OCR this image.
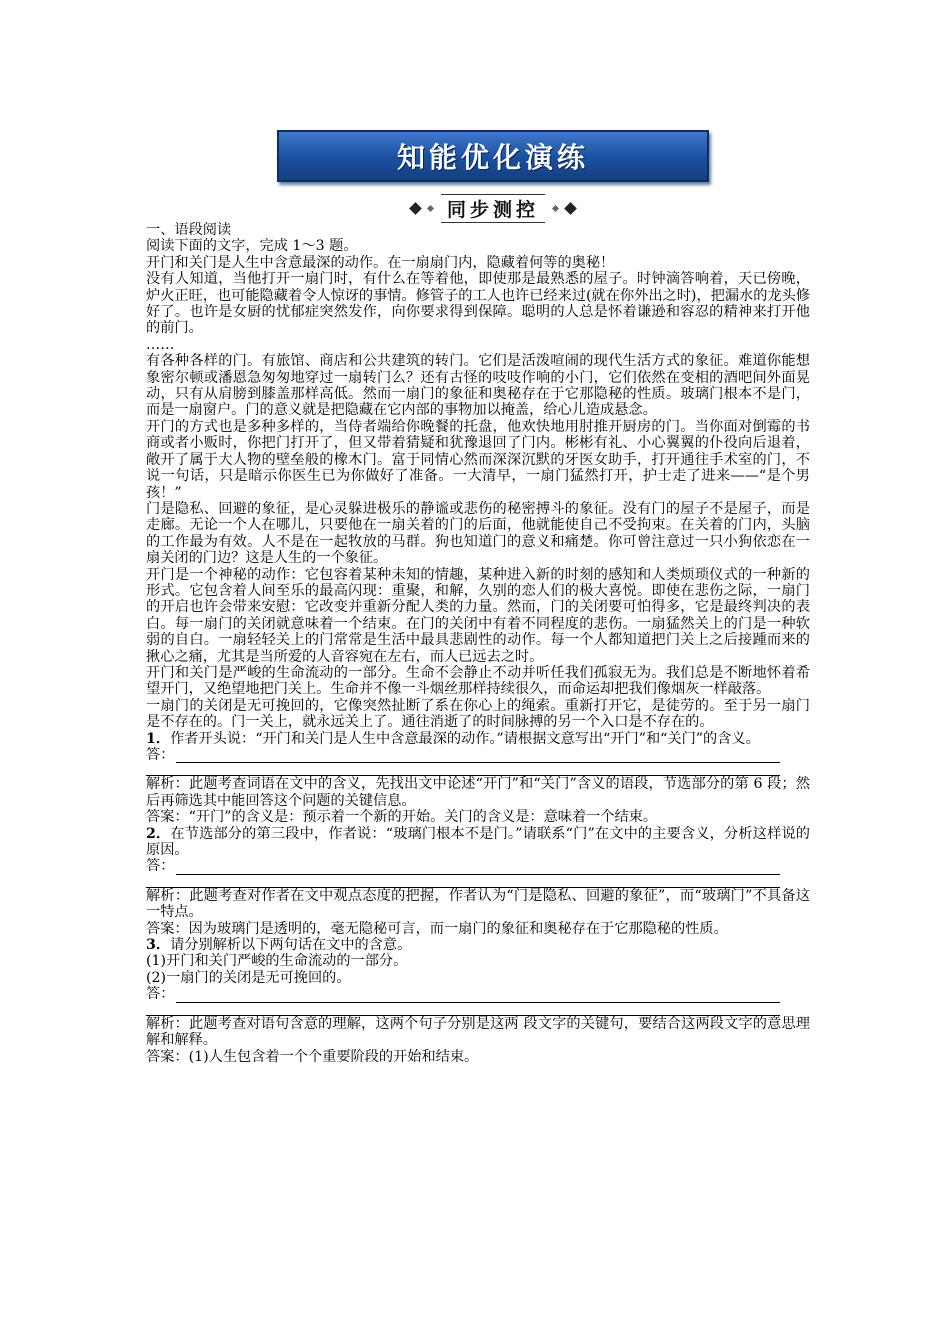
知能优化演练
同步测控

一、语段阅读

阅读下面的文字，完成 1～3 题。

开门和关门是人生中含意最深的动作。在一扇扇门内，隐藏着何等的奥秘！

没有人知道，当他打开一扇门时，有什么在等着他，即使那是最熟悉的屋子。时钟滴答响着，天已傍晚，炉火正旺，也可能隐藏着令人惊讶的事情。修管子的工人也许已经来过(就在你外出之时)，把漏水的龙头修好了。也许是女厨的忧郁症突然发作，向你要求得到保障。聪明的人总是怀着谦逊和容忍的精神来打开他的前门。

……

有各种各样的门。有旅馆、商店和公共建筑的转门。它们是活泼喧闹的现代生活方式的象征。难道你能想象密尔顿或潘恩急匆匆地穿过一扇转门么？还有古怪的吱吱作响的小门，它们依然在变相的酒吧间外面晃动，只有从肩膀到膝盖那样高低。然而一扇门的象征和奥秘存在于它那隐秘的性质。玻璃门根本不是门，而是一扇窗户。门的意义就是把隐藏在它内部的事物加以掩盖，给心儿造成悬念。

开门的方式也是多种多样的，当侍者端给你晚餐的托盘，他欢快地用肘推开厨房的门。当你面对倒霉的书商或者小贩时，你把门打开了，但又带着猜疑和犹豫退回了门内。彬彬有礼、小心翼翼的仆役向后退着，敞开了属于大人物的壁垒般的橡木门。富于同情心然而深深沉默的牙医女助手，打开通往手术室的门，不说一句话，只是暗示你医生已为你做好了准备。一大清早，一扇门猛然打开，护士走了进来——“是个男孩！”

门是隐私、回避的象征，是心灵躲进极乐的静谧或悲伤的秘密搏斗的象征。没有门的屋子不是屋子，而是走廊。无论一个人在哪儿，只要他在一扇关着的门的后面，他就能使自己不受拘束。在关着的门内，头脑的工作最为有效。人不是在一起牧放的马群。狗也知道门的意义和痛楚。你可曾注意过一只小狗依恋在一扇关闭的门边？这是人生的一个象征。

开门是一个神秘的动作：它包容着某种未知的情趣，某种进入新的时刻的感知和人类烦琐仪式的一种新的形式。它包含着人间至乐的最高闪现：重聚，和解，久别的恋人们的极大喜悦。即使在悲伤之际，一扇门的开启也许会带来安慰：它改变并重新分配人类的力量。然而，门的关闭要可怕得多，它是最终判决的表白。每一扇门的关闭就意味着一个结束。在门的关闭中有着不同程度的悲伤。一扇猛然关上的门是一种软弱的自白。一扇轻轻关上的门常常是生活中最具悲剧性的动作。每一个人都知道把门关上之后接踵而来的揪心之痛，尤其是当所爱的人音容宛在左右，而人已远去之时。

开门和关门是严峻的生命流动的一部分。生命不会静止不动并听任我们孤寂无为。我们总是不断地怀着希望开门，又绝望地把门关上。生命并不像一斗烟丝那样持续很久，而命运却把我们像烟灰一样敲落。

一扇门的关闭是无可挽回的，它像突然扯断了系在你心上的绳索。重新打开它，是徒劳的。至于另一扇门是不存在的。门一关上，就永远关上了。通往消逝了的时间脉搏的另一个入口是不存在的。

1．作者开头说：“开门和关门是人生中含意最深的动作。”请根据文意写出“开门”和“关门”的含义。

答：

解析：此题考查词语在文中的含义，先找出文中论述“开门”和“关门”含义的语段，节选部分的第 6 段；然后再筛选其中能回答这个问题的关键信息。

答案：“开门”的含义是：预示着一个新的开始。关门的含义是：意味着一个结束。

2．在节选部分的第三段中，作者说：“玻璃门根本不是门。”请联系“门”在文中的主要含义，分析这样说的原因。

答：

解析：此题考查对作者在文中观点态度的把握，作者认为“门是隐私、回避的象征”，而“玻璃门”不具备这一特点。

答案：因为玻璃门是透明的，毫无隐秘可言，而一扇门的象征和奥秘存在于它那隐秘的性质。

3．请分别解析以下两句话在文中的含意。

(1)开门和关门严峻的生命流动的一部分。

(2)一扇门的关闭是无可挽回的。

答：

解析：此题考查对语句含意的理解，这两个句子分别是这两 段文字的关键句，要结合这两段文字的意思理解和解释。

答案：(1)人生包含着一个个重要阶段的开始和结束。
